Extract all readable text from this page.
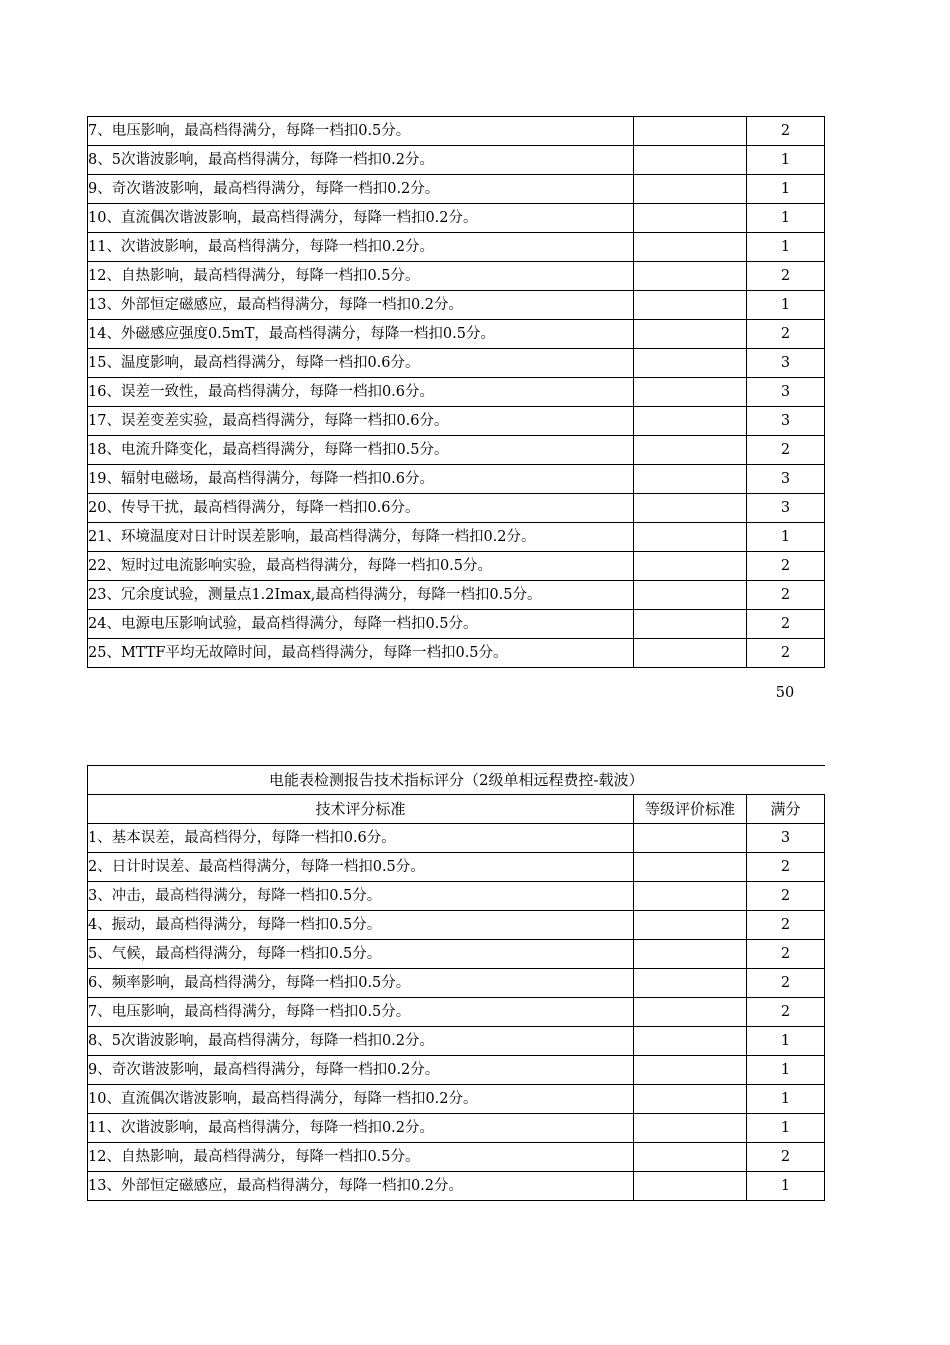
7、电压影响，最高档得满分，每降一档扣0.5分。		2
8、5次谐波影响，最高档得满分，每降一档扣0.2分。		1
9、奇次谐波影响，最高档得满分，每降一档扣0.2分。		1
10、直流偶次谐波影响，最高档得满分，每降一档扣0.2分。		1
11、次谐波影响，最高档得满分，每降一档扣0.2分。		1
12、自热影响，最高档得满分，每降一档扣0.5分。		2
13、外部恒定磁感应，最高档得满分，每降一档扣0.2分。		1
14、外磁感应强度0.5mT，最高档得满分，每降一档扣0.5分。		2
15、温度影响，最高档得满分，每降一档扣0.6分。		3
16、误差一致性，最高档得满分，每降一档扣0.6分。		3
17、误差变差实验，最高档得满分，每降一档扣0.6分。		3
18、电流升降变化，最高档得满分，每降一档扣0.5分。		2
19、辐射电磁场，最高档得满分，每降一档扣0.6分。		3
20、传导干扰，最高档得满分，每降一档扣0.6分。		3
21、环境温度对日计时误差影响，最高档得满分，每降一档扣0.2分。		1
22、短时过电流影响实验，最高档得满分，每降一档扣0.5分。		2
23、冗余度试验，测量点1.2Imax,最高档得满分，每降一档扣0.5分。		2
24、电源电压影响试验，最高档得满分，每降一档扣0.5分。		2
25、MTTF平均无故障时间，最高档得满分，每降一档扣0.5分。		2
50
电能表检测报告技术指标评分（2级单相远程费控-载波）		
技术评分标准	等级评价标准	满分
1、基本误差，最高档得分，每降一档扣0.6分。		3
2、日计时误差、最高档得满分，每降一档扣0.5分。		2
3、冲击，最高档得满分，每降一档扣0.5分。		2
4、振动，最高档得满分，每降一档扣0.5分。		2
5、气候，最高档得满分，每降一档扣0.5分。		2
6、频率影响，最高档得满分，每降一档扣0.5分。		2
7、电压影响，最高档得满分，每降一档扣0.5分。		2
8、5次谐波影响，最高档得满分，每降一档扣0.2分。		1
9、奇次谐波影响，最高档得满分，每降一档扣0.2分。		1
10、直流偶次谐波影响，最高档得满分，每降一档扣0.2分。		1
11、次谐波影响，最高档得满分，每降一档扣0.2分。		1
12、自热影响，最高档得满分，每降一档扣0.5分。		2
13、外部恒定磁感应，最高档得满分，每降一档扣0.2分。		1
